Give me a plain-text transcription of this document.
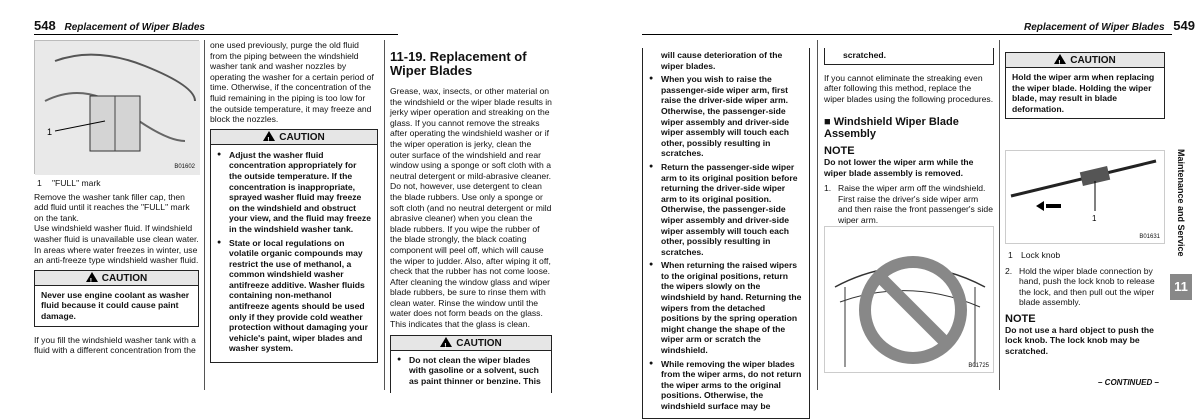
548 Replacement of Wiper Blades
1
B01602
1 "FULL" mark

Remove the washer tank filler cap, then add fluid until it reaches the "FULL" mark on the tank.

Use windshield washer fluid. If windshield washer fluid is unavailable use clean water.

In areas where water freezes in winter, use an anti-freeze type windshield washer fluid.

! CAUTION
Never use engine coolant as washer fluid because it could cause paint damage.

If you fill the windshield washer tank with a fluid with a different concentration from the

one used previously, purge the old fluid from the piping between the windshield washer tank and washer nozzles by operating the washer for a certain period of time. Otherwise, if the concentration of the fluid remaining in the piping is too low for the outside temperature, it may freeze and block the nozzles.

! CAUTION
● Adjust the washer fluid concentration appropriately for the outside temperature. If the concentration is inappropriate, sprayed washer fluid may freeze on the windshield and obstruct your view, and the fluid may freeze in the windshield washer tank.
● State or local regulations on volatile organic compounds may restrict the use of methanol, a common windshield washer antifreeze additive. Washer fluids containing non-methanol antifreeze agents should be used only if they provide cold weather protection without damaging your vehicle's paint, wiper blades and washer system.
11-19. Replacement of Wiper Blades

Grease, wax, insects, or other material on the windshield or the wiper blade results in jerky wiper operation and streaking on the glass. If you cannot remove the streaks after operating the windshield washer or if the wiper operation is jerky, clean the outer surface of the windshield and rear window using a sponge or soft cloth with a neutral detergent or mild-abrasive cleaner. Do not, however, use detergent to clean the blade rubbers. Use only a sponge or soft cloth (and no neutral detergent or mild abrasive cleaner) when you clean the blade rubbers. If you wipe the rubber of the blade strongly, the black coating component will peel off, which will cause the wiper to judder. Also, after wiping it off, check that the rubber has not come loose. After cleaning the window glass and wiper blade rubbers, be sure to rinse them with clean water. Rinse the window until the water does not form beads on the glass. This indicates that the glass is clean.

! CAUTION
● Do not clean the wiper blades with gasoline or a solvent, such as paint thinner or benzine. This
Replacement of Wiper Blades 549

will cause deterioration of the wiper blades.

● When you wish to raise the passenger-side wiper arm, first raise the driver-side wiper arm. Otherwise, the passenger-side wiper assembly and driver-side wiper assembly will touch each other, possibly resulting in scratches.
● Return the passenger-side wiper arm to its original position before returning the driver-side wiper arm to its original position. Otherwise, the passenger-side wiper assembly and driver-side wiper assembly will touch each other, possibly resulting in scratches.
● When returning the raised wipers to the original positions, return the wipers slowly on the windshield by hand. Returning the wipers from the detached positions by the spring operation might change the shape of the wiper arm or scratch the windshield.
● While removing the wiper blades from the wiper arms, do not return the wiper arms to the original positions. Otherwise, the windshield surface may be
scratched.

If you cannot eliminate the streaking even after following this method, replace the wiper blades using the following procedures.

■ Windshield Wiper Blade Assembly
NOTE

Do not lower the wiper arm while the wiper blade assembly is removed.

1. Raise the wiper arm off the windshield. First raise the driver's side wiper arm and then raise the front passenger's side wiper arm.
B01725
! CAUTION
Hold the wiper arm when replacing the wiper blade. Holding the wiper blade, may result in blade deformation.
1
B01631
1 Lock knob
2. Hold the wiper blade connection by hand, push the lock knob to release the lock, and then pull out the wiper blade assembly.
NOTE

Do not use a hard object to push the lock knob. The lock knob may be scratched.

– CONTINUED –
Maintenance and Service
11
